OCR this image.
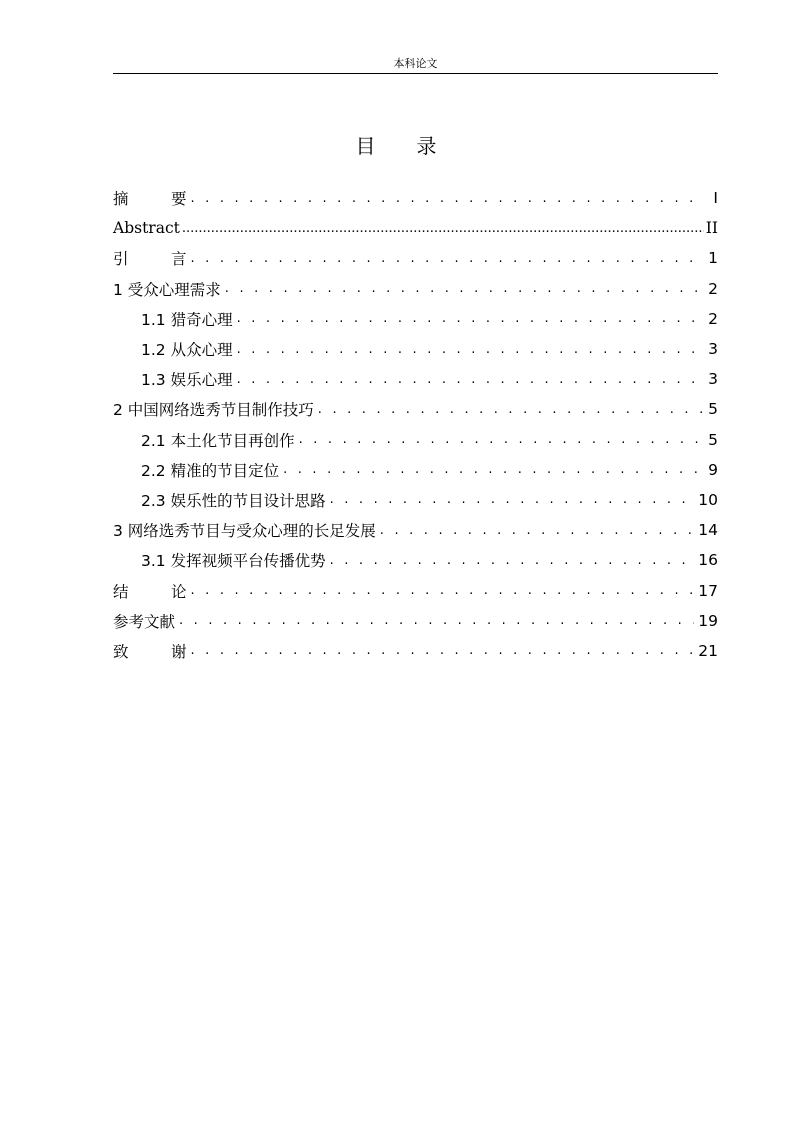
本科论文
目 录
摘	要 . . .	Ⅰ
Abstract .....	II
引	言 . . .	1
1 受众心理需求 . . .	2
1.1 猎奇心理 . . .	2
1.2 从众心理 . . .	3
1.3 娱乐心理 . . .	3
2 中国网络选秀节目制作技巧 . . .	5
2.1 本土化节目再创作 . . .	5
2.2 精准的节目定位 . . .	9
2.3 娱乐性的节目设计思路 . . .	10
3 网络选秀节目与受众心理的长足发展 . . .	14
3.1 发挥视频平台传播优势 . . .	16
结	论 . . .	17
参考文献 . . .	19
致	谢 . . .	21
